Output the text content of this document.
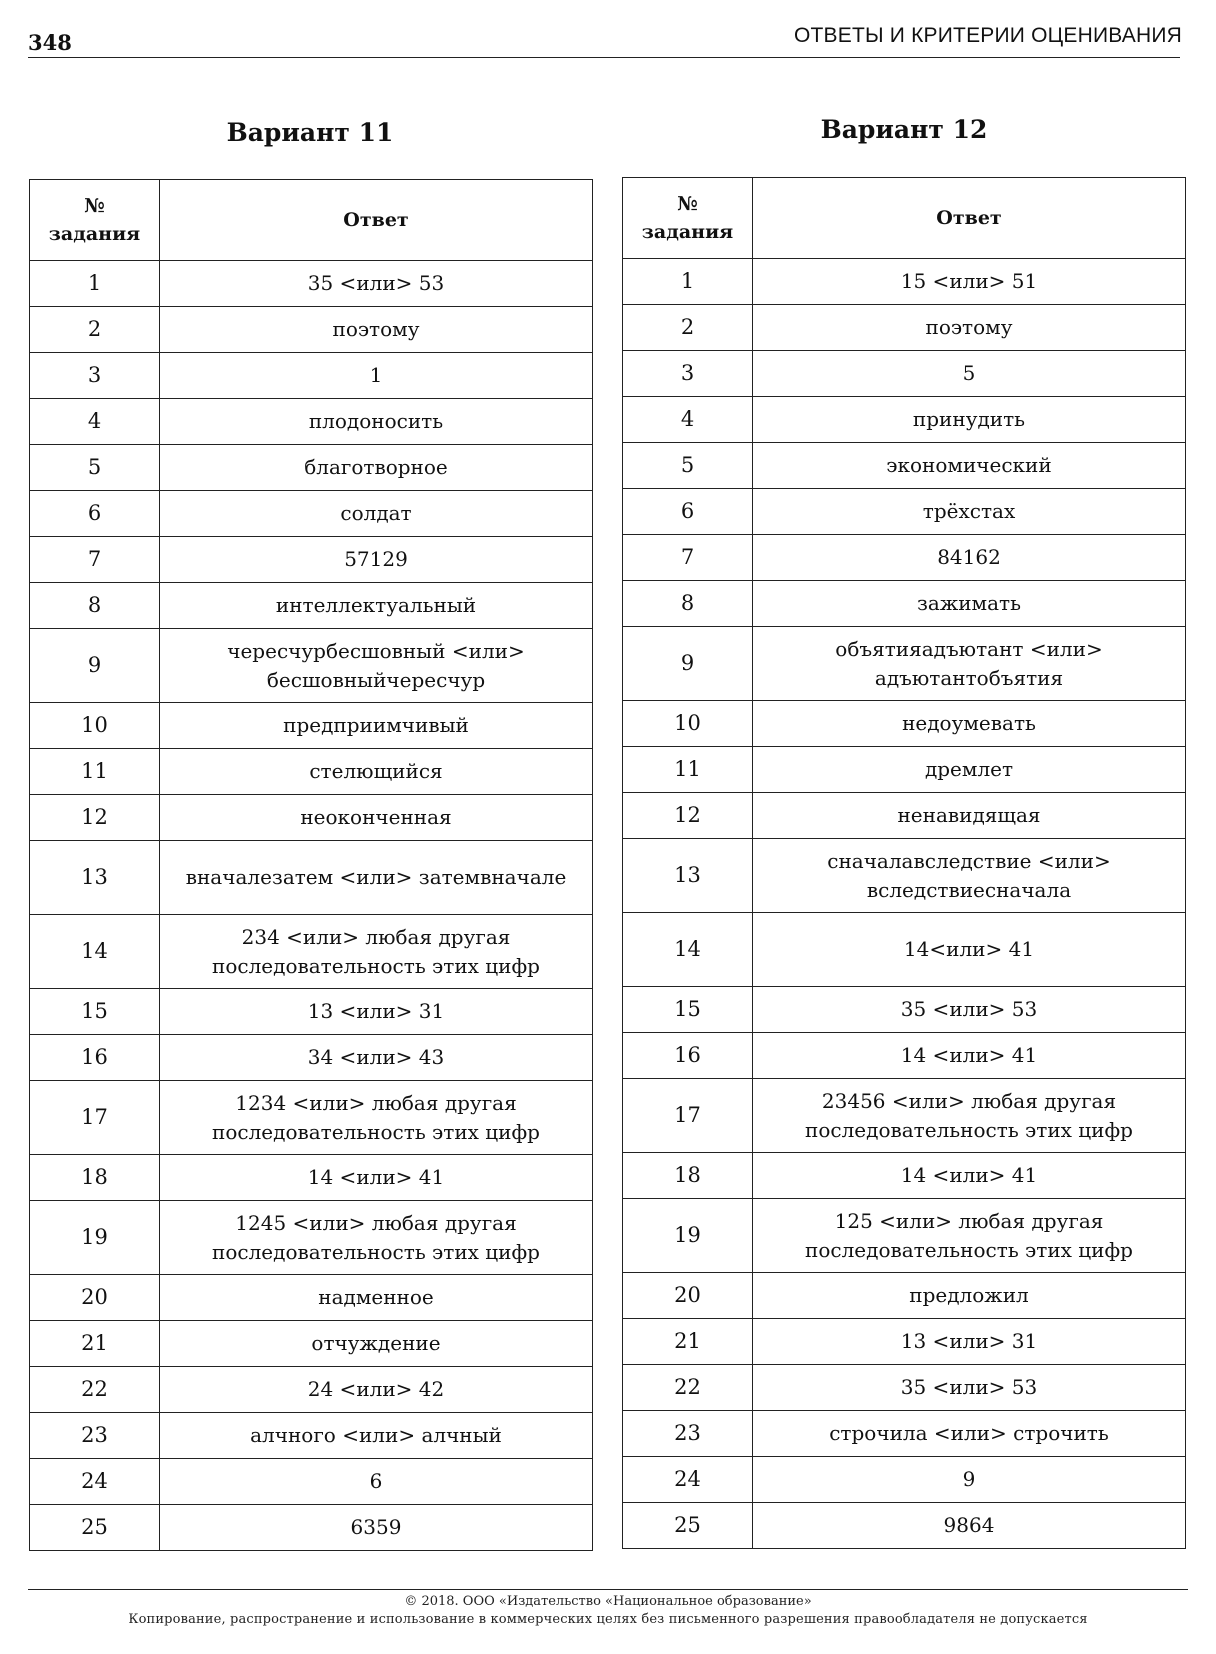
348	ОТВЕТЫ И КРИТЕРИИ ОЦЕНИВАНИЯ
Вариант 11	Вариант 12
№ задания	Ответ
1	35 <или> 53
2	поэтому
3	1
4	плодоносить
5	благотворное
6	солдат
7	57129
8	интеллектуальный
9	чересчурбесшовный <или> бесшовныйчересчур
10	предприимчивый
11	стелющийся
12	неоконченная
13	вначалезатем <или> затемвначале
14	234 <или> любая другая последовательность этих цифр
15	13 <или> 31
16	34 <или> 43
17	1234 <или> любая другая последовательность этих цифр
18	14 <или> 41
19	1245 <или> любая другая последовательность этих цифр
20	надменное
21	отчуждение
22	24 <или> 42
23	алчного <или> алчный
24	6
25	6359
№ задания	Ответ
1	15 <или> 51
2	поэтому
3	5
4	принудить
5	экономический
6	трёхстах
7	84162
8	зажимать
9	объятияадъютант <или> адъютантобъятия
10	недоумевать
11	дремлет
12	ненавидящая
13	сначалавследствие <или> вследствиесначала
14	14<или> 41
15	35 <или> 53
16	14 <или> 41
17	23456 <или> любая другая последовательность этих цифр
18	14 <или> 41
19	125 <или> любая другая последовательность этих цифр
20	предложил
21	13 <или> 31
22	35 <или> 53
23	строчила <или> строчить
24	9
25	9864
© 2018. ООО «Издательство «Национальное образование»
Копирование, распространение и использование в коммерческих целях без письменного разрешения правообладателя не допускается
